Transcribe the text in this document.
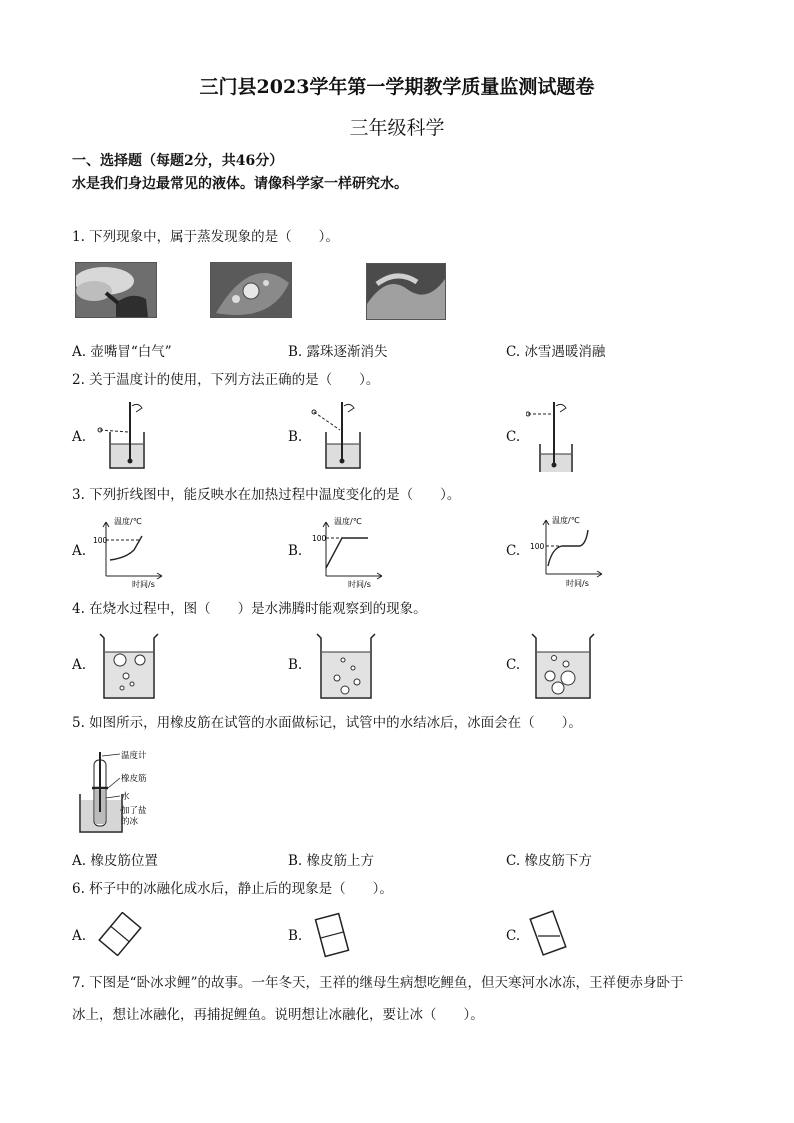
三门县2023学年第一学期教学质量监测试题卷
三年级科学
一、选择题（每题2分，共46分）
水是我们身边最常见的液体。请像科学家一样研究水。
1. 下列现象中，属于蒸发现象的是（　　）。
A. 壶嘴冒“白气”	B. 露珠逐渐消失	C. 冰雪遇暖消融
2. 关于温度计的使用，下列方法正确的是（　　）。
A.	B.	C.
3. 下列折线图中，能反映水在加热过程中温度变化的是（　　）。
A.	B.	C.
温度/℃
100
时间/s
温度/℃
100
时间/s
温度/℃
100
时间/s
4. 在烧水过程中，图（　　）是水沸腾时能观察到的现象。
A.	B.	C.
5. 如图所示，用橡皮筋在试管的水面做标记，试管中的水结冰后，冰面会在（　　）。
温度计
橡皮筋
水
加了盐
的冰
A. 橡皮筋位置	B. 橡皮筋上方	C. 橡皮筋下方
6. 杯子中的冰融化成水后，静止后的现象是（　　）。
A.	B.	C.
7. 下图是“卧冰求鲤”的故事。一年冬天，王祥的继母生病想吃鲤鱼，但天寒河水冰冻，王祥便赤身卧于
冰上，想让冰融化，再捕捉鲤鱼。说明想让冰融化，要让冰（　　）。
